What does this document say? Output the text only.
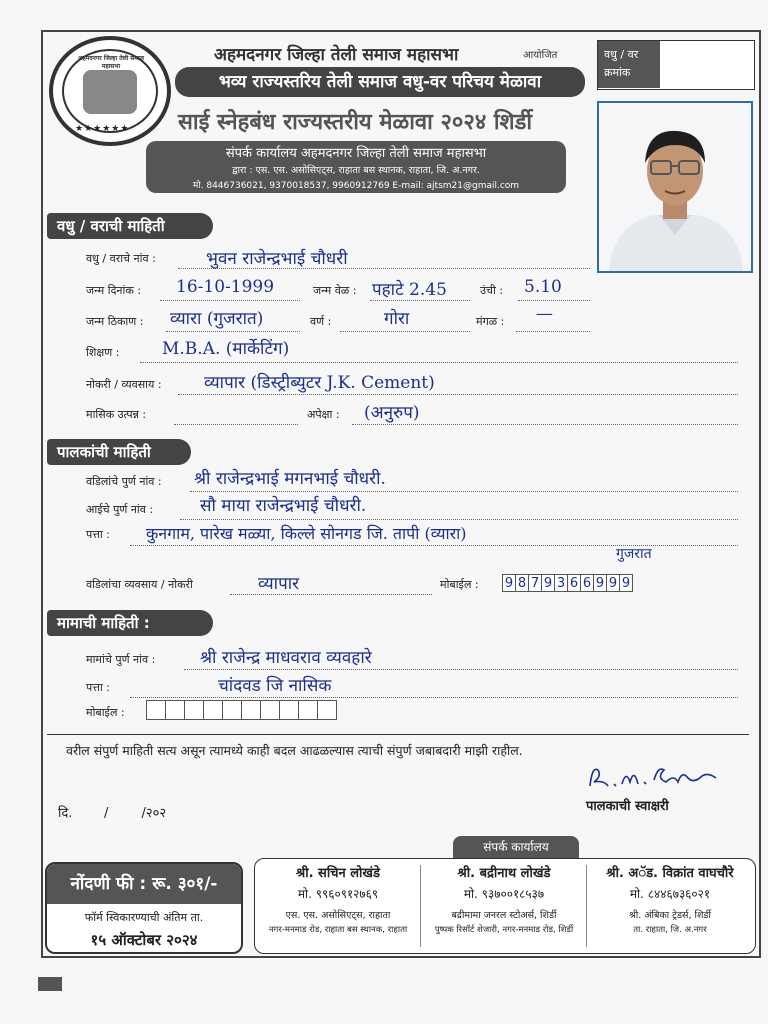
अहमदनगर जिल्हा तेली समाज महासभा
★★★★★★
अहमदनगर जिल्हा तेली समाज महासभा	आयोजित
भव्य राज्यस्तरिय तेली समाज वधु-वर परिचय मेळावा
साई स्नेहबंध राज्यस्तरीय मेळावा २०२४ शिर्डी
संपर्क कार्यालय अहमदनगर जिल्हा तेली समाज महासभा
द्वारा : एस. एस. असोसिएट्स, राहाता बस स्थानक, राहाता, जि. अ.नगर.
मो. 8446736021, 9370018537, 9960912769 E-mail: ajtsm21@gmail.com
वधु / वर
क्रमांक
वधु / वराची माहिती
वधु / वराचे नांव :	भुवन राजेन्द्रभाई चौधरी
जन्म दिनांक : 16-10-1999	जन्म वेळ : पहाटे 2.45	उंची : 5.10
जन्म ठिकाण : व्यारा (गुजरात)	वर्ण :	गोरा	मंगळ : —
शिक्षण :	M.B.A. (मार्केटिंग)
नोकरी / व्यवसाय : व्यापार (डिस्ट्रीब्युटर J.K. Cement)
मासिक उत्पन्न :	अपेक्षा : (अनुरुप)
पालकांची माहिती
वडिलांचे पुर्ण नांव : श्री राजेन्द्रभाई मगनभाई चौधरी.
आईचे पुर्ण नांव :	सौ माया राजेन्द्रभाई चौधरी.
पत्ता : कुनगाम, पारेख मळ्या, किल्ले सोनगड जि. तापी (व्यारा)
गुजरात
वडिलांचा व्यवसाय / नोकरी	व्यापार	मोबाईल : 9 8 7 9 3 6 6 9 9 9
मामाची माहिती :
मामांचे पुर्ण नांव :	श्री राजेन्द्र माधवराव व्यवहारे
पत्ता :	चांदवड जि नासिक
मोबाईल :
वरील संपुर्ण माहिती सत्य असून त्यामध्ये काही बदल आढळल्यास त्याची संपुर्ण जबाबदारी माझी राहील.
पालकाची स्वाक्षरी
दि. /        /२०२
नोंदणी फी : रू. ३०१/-
फॉर्म स्विकारण्याची अंतिम ता.
१५ ऑक्टोबर २०२४
संपर्क कार्यालय
श्री. सचिन लोखंडे
मो. ९९६०९१२७६९
एस. एस. असोसिएट्स, राहाता
नगर-मनमाड रोड, राहाता बस स्थानक, राहाता
श्री. बद्रीनाथ लोखंडे
मो. ९३७००१८५३७
बद्रीमामा जनरल स्टोअर्स, शिर्डी
पुष्पक रिसॉर्ट शेजारी, नगर-मनमाड रोड, शिर्डी
श्री. अॅड. विक्रांत वाघचौरे
मो. ८४४६७३६०२१
श्री. अंबिका ट्रेडर्स, शिर्डी
ता. राहाता, जि. अ.नगर
